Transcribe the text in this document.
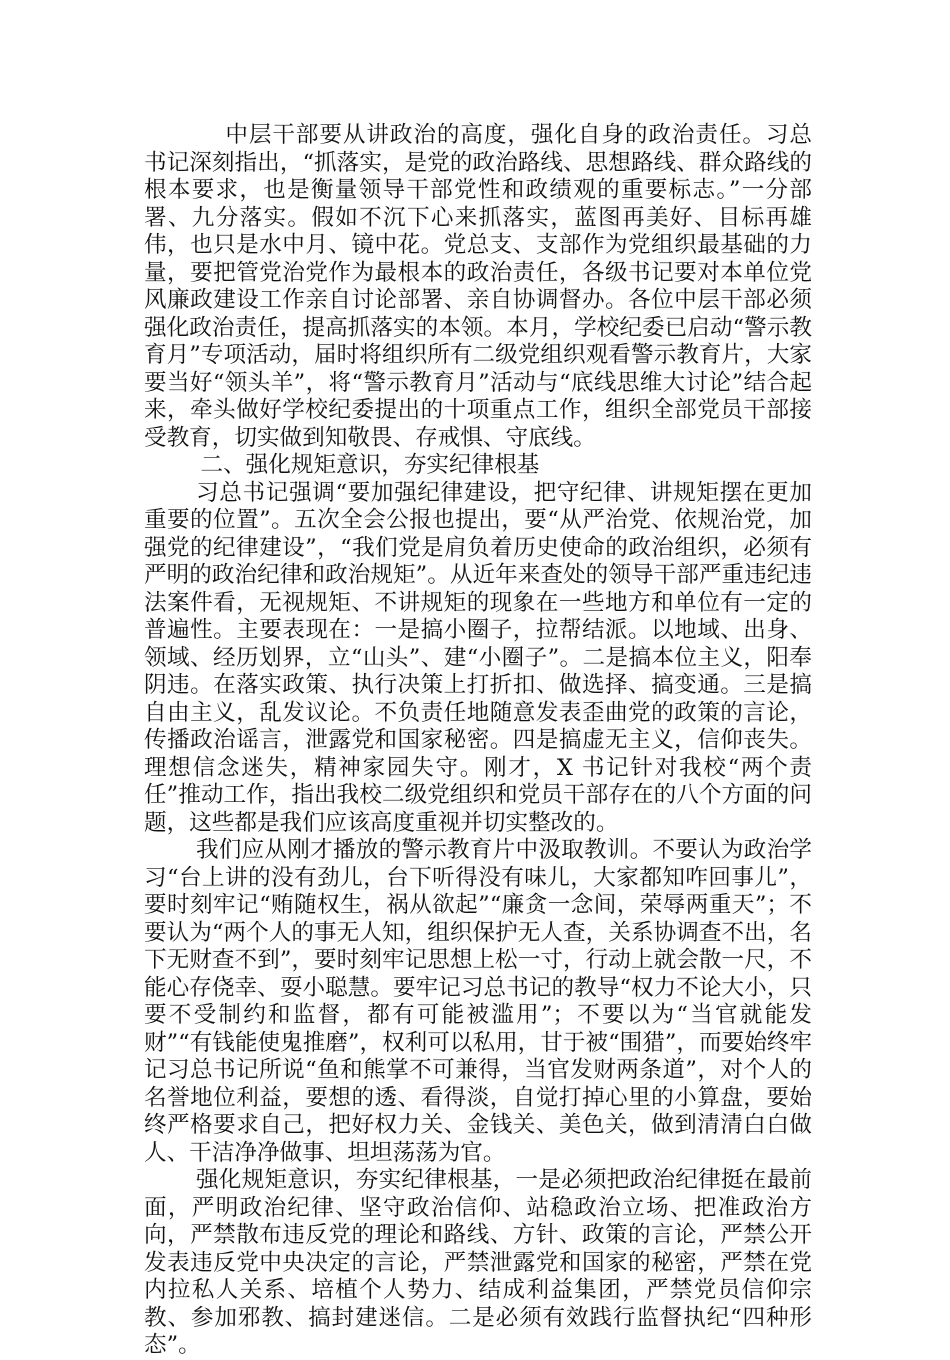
中层干部要从讲政治的高度，强化自身的政治责任。习总书记深刻指出，“抓落实，是党的政治路线、思想路线、群众路线的根本要求，也是衡量领导干部党性和政绩观的重要标志。”一分部署、九分落实。假如不沉下心来抓落实，蓝图再美好、目标再雄伟，也只是水中月、镜中花。党总支、支部作为党组织最基础的力量，要把管党治党作为最根本的政治责任，各级书记要对本单位党风廉政建设工作亲自讨论部署、亲自协调督办。各位中层干部必须强化政治责任，提高抓落实的本领。本月，学校纪委已启动“警示教育月”专项活动，届时将组织所有二级党组织观看警示教育片，大家要当好“领头羊”，将“警示教育月”活动与“底线思维大讨论”结合起来，牵头做好学校纪委提出的十项重点工作，组织全部党员干部接受教育，切实做到知敬畏、存戒惧、守底线。

二、强化规矩意识，夯实纪律根基

习总书记强调“要加强纪律建设，把守纪律、讲规矩摆在更加重要的位置”。五次全会公报也提出，要“从严治党、依规治党，加强党的纪律建设”，“我们党是肩负着历史使命的政治组织，必须有严明的政治纪律和政治规矩”。从近年来查处的领导干部严重违纪违法案件看，无视规矩、不讲规矩的现象在一些地方和单位有一定的普遍性。主要表现在：一是搞小圈子，拉帮结派。以地域、出身、领域、经历划界，立“山头”、建“小圈子”。二是搞本位主义，阳奉阴违。在落实政策、执行决策上打折扣、做选择、搞变通。三是搞自由主义，乱发议论。不负责任地随意发表歪曲党的政策的言论，传播政治谣言，泄露党和国家秘密。四是搞虚无主义，信仰丧失。理想信念迷失，精神家园失守。刚才，X 书记针对我校“两个责任”推动工作，指出我校二级党组织和党员干部存在的八个方面的问题，这些都是我们应该高度重视并切实整改的。

我们应从刚才播放的警示教育片中汲取教训。不要认为政治学习“台上讲的没有劲儿，台下听得没有味儿，大家都知咋回事儿”，要时刻牢记“贿随权生，祸从欲起”“廉贪一念间，荣辱两重天”；不要认为“两个人的事无人知，组织保护无人查，关系协调查不出，名下无财查不到”，要时刻牢记思想上松一寸，行动上就会散一尺，不能心存侥幸、耍小聪慧。要牢记习总书记的教导“权力不论大小，只要不受制约和监督，都有可能被滥用”；不要以为“当官就能发财”“有钱能使鬼推磨”，权利可以私用，甘于被“围猎”，而要始终牢记习总书记所说“鱼和熊掌不可兼得，当官发财两条道”，对个人的名誉地位利益，要想的透、看得淡，自觉打掉心里的小算盘，要始终严格要求自己，把好权力关、金钱关、美色关，做到清清白白做人、干洁净净做事、坦坦荡荡为官。

强化规矩意识，夯实纪律根基，一是必须把政治纪律挺在最前面，严明政治纪律、坚守政治信仰、站稳政治立场、把准政治方向，严禁散布违反党的理论和路线、方针、政策的言论，严禁公开发表违反党中央决定的言论，严禁泄露党和国家的秘密，严禁在党内拉私人关系、培植个人势力、结成利益集团，严禁党员信仰宗教、参加邪教、搞封建迷信。二是必须有效践行监督执纪“四种形态”。
